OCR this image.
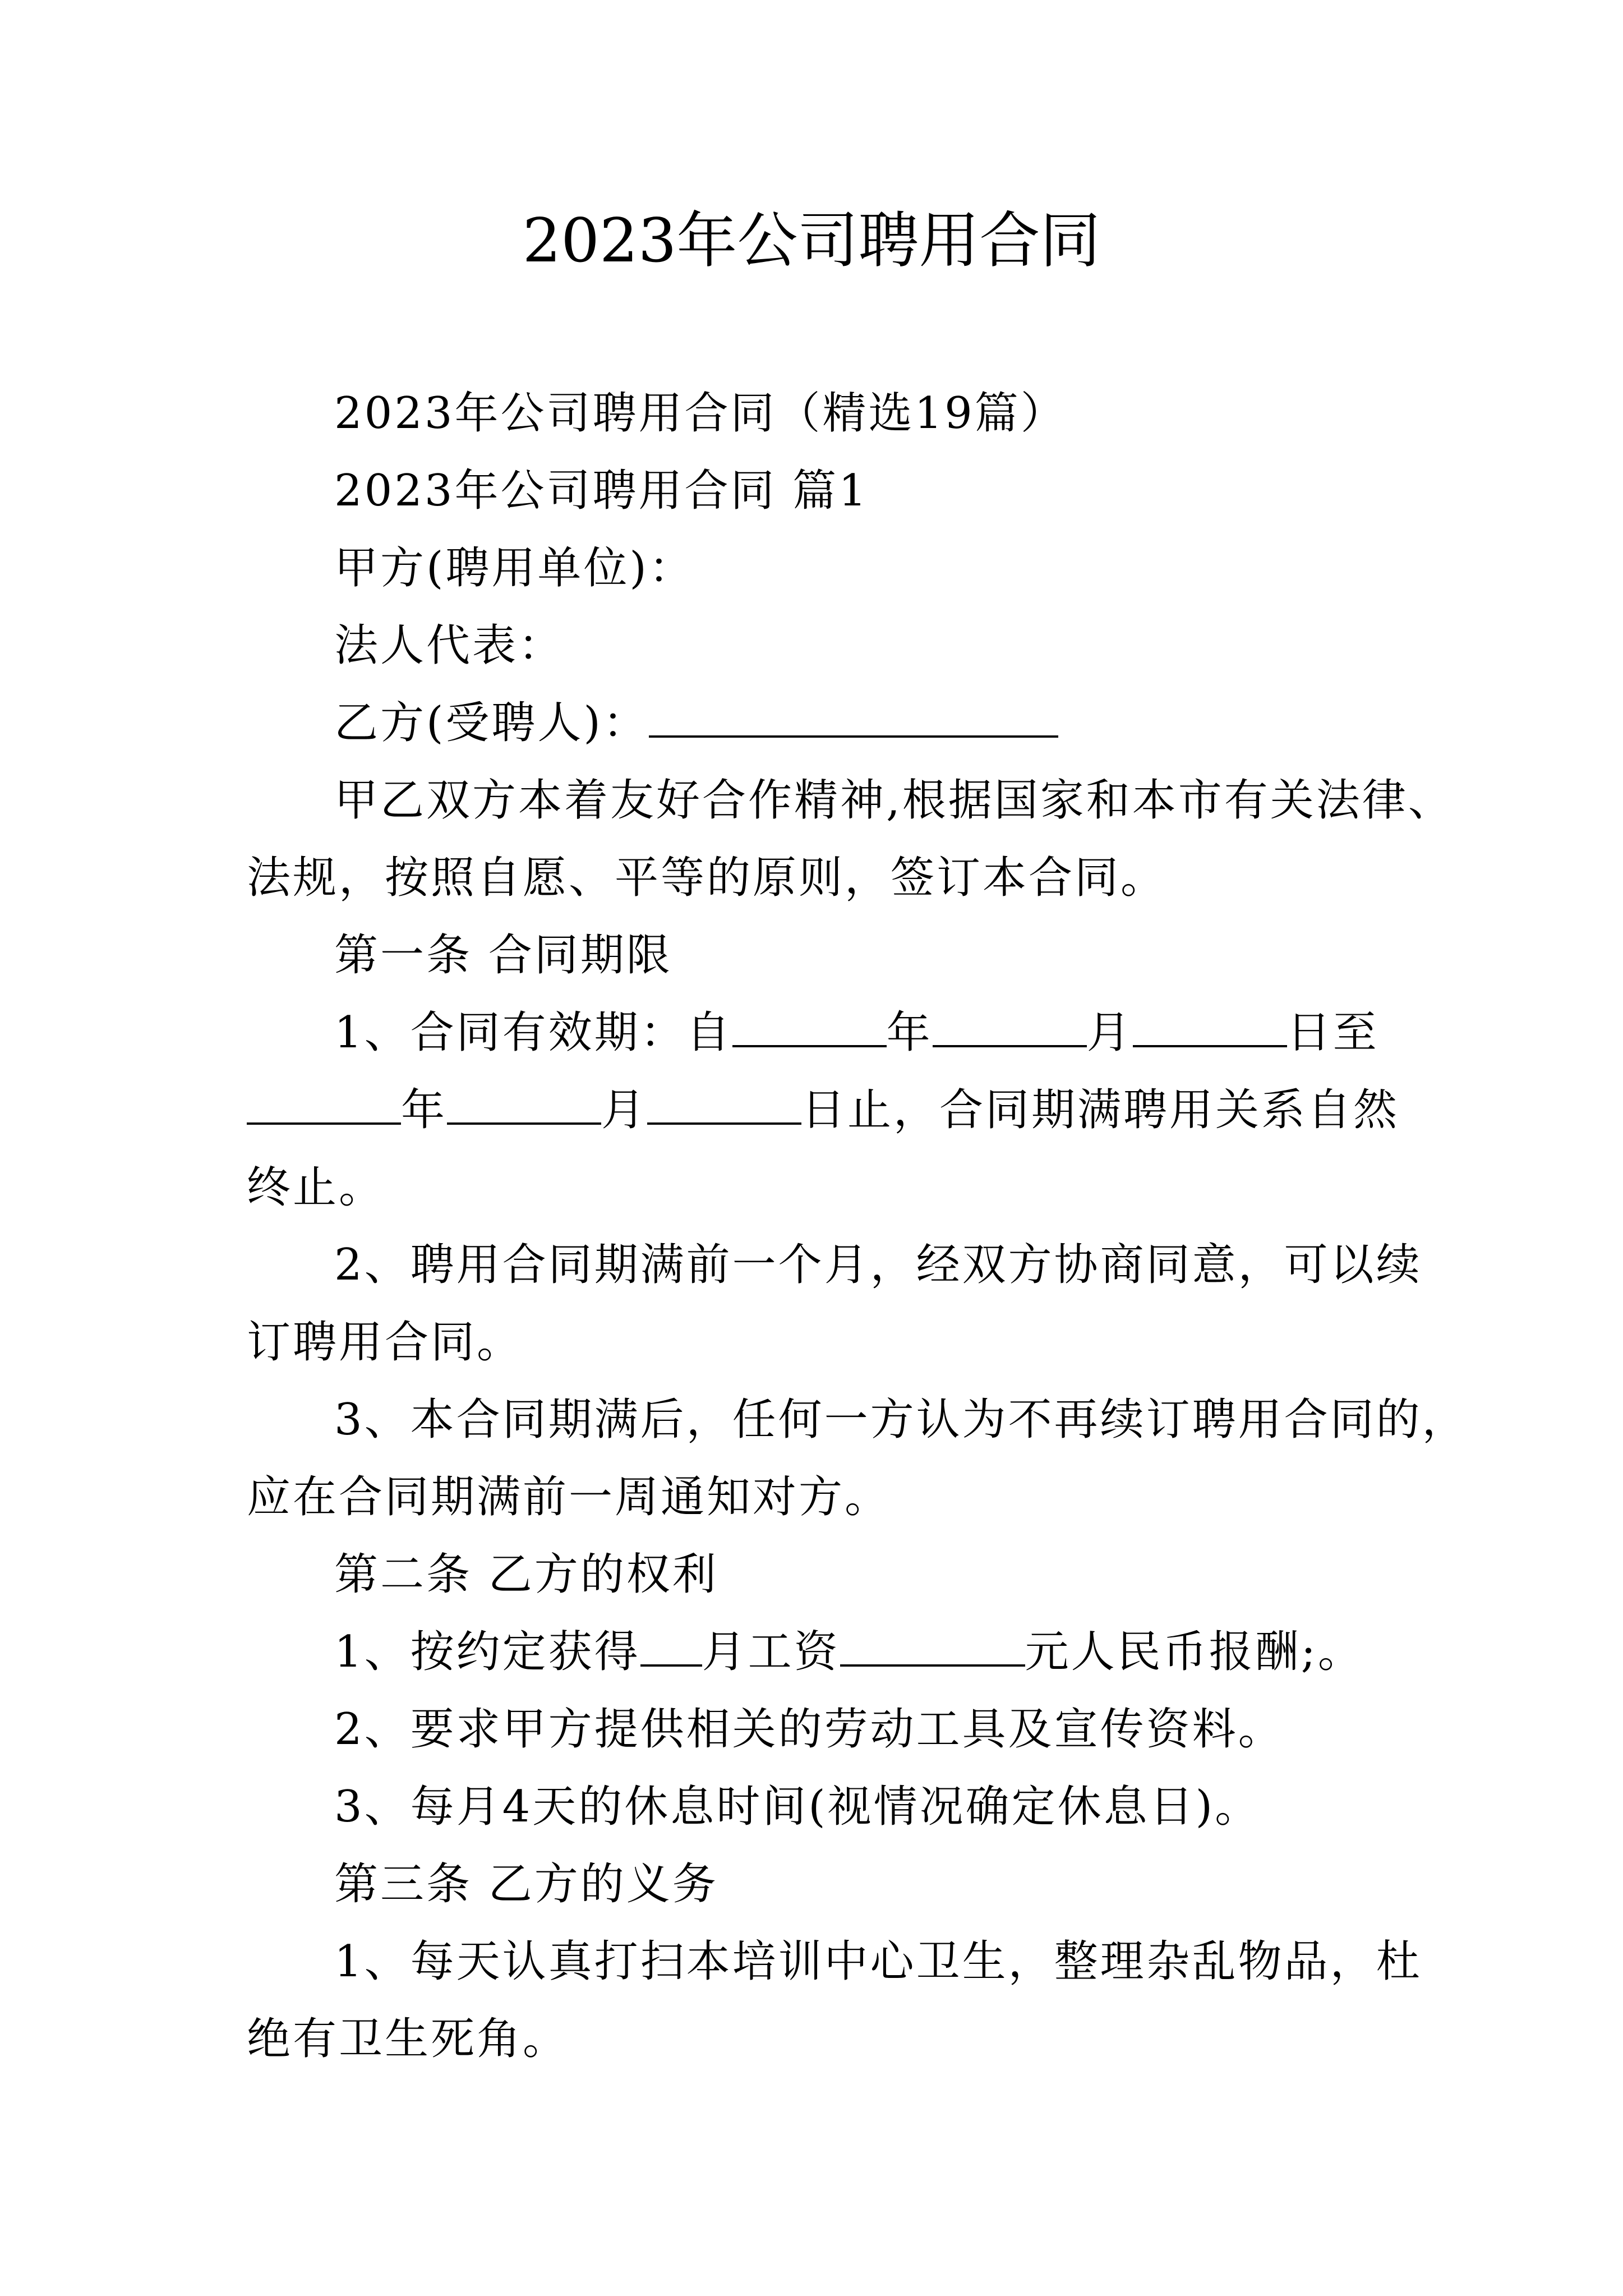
2023年公司聘用合同

2023年公司聘用合同（精选19篇）

2023年公司聘用合同 篇1

甲方(聘用单位)：

法人代表：

乙方(受聘人)：

甲乙双方本着友好合作精神,根据国家和本市有关法律、

法规，按照自愿、平等的原则，签订本合同。

第一条 合同期限

1、合同有效期：自	年	月	日至

年	月	日止，合同期满聘用关系自然

终止。

2、聘用合同期满前一个月，经双方协商同意，可以续

订聘用合同。

3、本合同期满后，任何一方认为不再续订聘用合同的，

应在合同期满前一周通知对方。

第二条 乙方的权利

1、按约定获得 月工资	元人民币报酬;。

2、要求甲方提供相关的劳动工具及宣传资料。

3、每月4天的休息时间(视情况确定休息日)。

第三条 乙方的义务

1、每天认真打扫本培训中心卫生，整理杂乱物品，杜

绝有卫生死角。
